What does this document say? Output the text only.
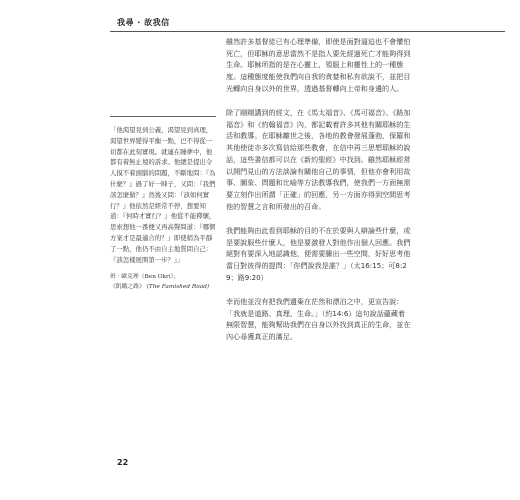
我尋 · 故我信

「他渴望見到公義，渴望見到真理，渴望世界變得平衡一點，巴不得從一切都在此刻實現。就連在睡夢中，他都有着無止境的訴求。他總是提出令人摸不着頭腦的問題，不斷地問：『為什麼？』過了好一陣子，又問：『我們該怎麼做？』然後又問：『該如何實行？』他依然是經常不停，想要知道：『何時才實行？』他從不能釋懷，思索想他一番便又再高聲問道：『哪個方案才是最適合的？』即使稍為平靜了一點，他仍不由自主地質問自己：『該怎樣展開第一步？』」

班 · 歐克理（Ben Okri），
《飢餓之路》 (The Famished Road)

雖然許多基督徒已有心理準備，即使是面對逼迫也不會懼怕死亡，但耶穌的意思當然不是指人要先經過死亡才能夠得到生命。耶穌所指的是在心靈上，領服上和靈性上的一種態度。這種態度能使我們向自我的貪婪和私有欲說不，並把目光轉向自身以外的世界，透過基督轉向上帝和身邊的人。

除了剛剛講到的經文，在《馬太福音》、《馬可福音》、《路加福音》和《約翰福音》內，都記載着許多其他有關耶穌的生活和教導。在耶穌離世之後，各地的教會發展蓬勃，保羅和其他使徒亦多次寫信給那些教會，在信中再三思想耶穌的說話，這些書信都可以在《新約聖經》中找到。雖然耶穌經常以開門見山的方法談論有關他自己的事情，但他亦會利用故事、圖象、問題和比喻等方法教導我們，使我們一方面無需要立刻作出所謂「正確」的回應，另一方面亦得到空間思考他的智慧之言和所發出的召命。

我們能夠由此看到耶穌的目的不在於要與人辯論些什麼，或是要說服些什麼人，他是要激發人對他作出個人回應。我們絕對有要深入地認識他，便需要騰出一些空間，好好思考他當日對彼得的提問：「你們說我是誰？」（太16:15；可8:29；路9:20）

幸而他並沒有把我們遺棄在茫然和漂泊之中，更宣告說：「我就是道路、真理、生命。」（約14:6）這句說話蘊藏着無限智慧，能夠幫助我們在自身以外找到真正的生命，並在內心尋獲真正的滿足。

22
